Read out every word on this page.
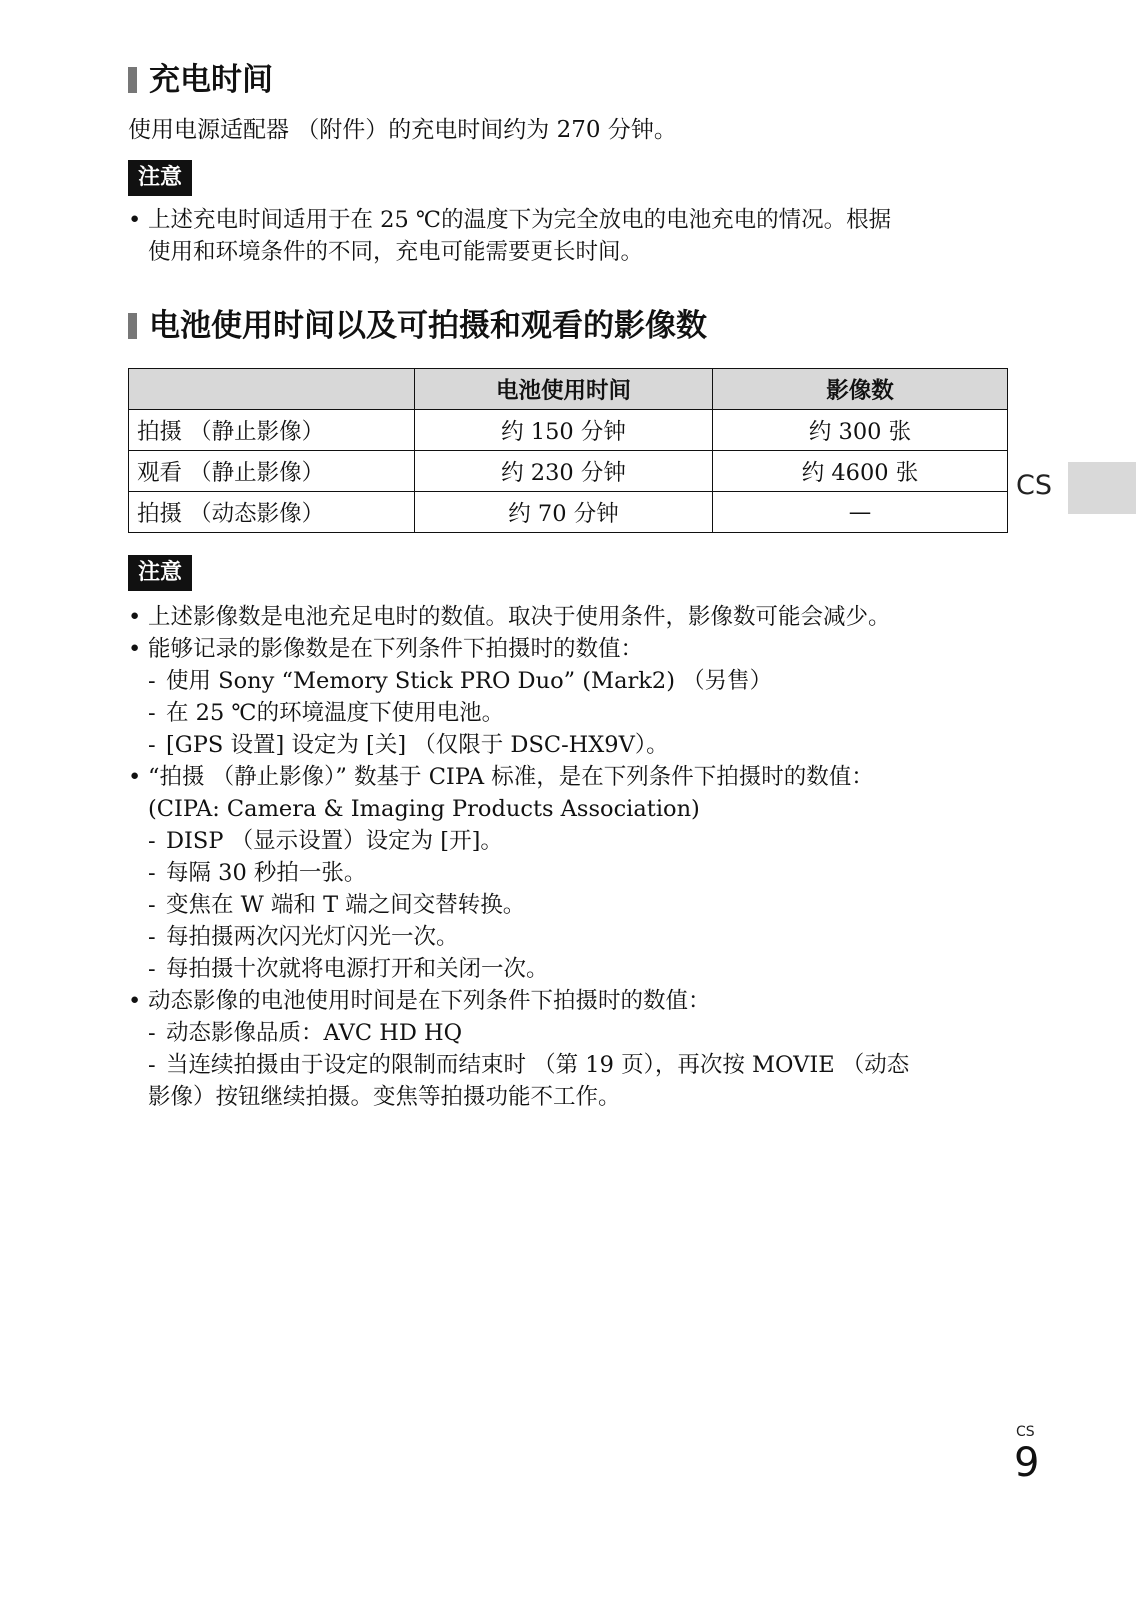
充电时间

使用电源适配器 （附件）的充电时间约为 270 分钟。

注意
• 上述充电时间适用于在 25 ℃的温度下为完全放电的电池充电的情况。根据
使用和环境条件的不同，充电可能需要更长时间。
电池使用时间以及可拍摄和观看的影像数
	电池使用时间	影像数
拍摄 （静止影像）	约 150 分钟	约 300 张
观看 （静止影像）	约 230 分钟	约 4600 张
拍摄 （动态影像）	约 70 分钟	—
注意
• 上述影像数是电池充足电时的数值。取决于使用条件，影像数可能会减少。
• 能够记录的影像数是在下列条件下拍摄时的数值：
- 使用 Sony “Memory Stick PRO Duo” (Mark2) （另售）
- 在 25 ℃的环境温度下使用电池。
- [GPS 设置] 设定为 [关] （仅限于 DSC-HX9V）。
• “拍摄 （静止影像）” 数基于 CIPA 标准，是在下列条件下拍摄时的数值：
(CIPA: Camera & Imaging Products Association)
- DISP （显示设置）设定为 [开]。
- 每隔 30 秒拍一张。
- 变焦在 W 端和 T 端之间交替转换。
- 每拍摄两次闪光灯闪光一次。
- 每拍摄十次就将电源打开和关闭一次。
• 动态影像的电池使用时间是在下列条件下拍摄时的数值：
- 动态影像品质：AVC HD HQ
- 当连续拍摄由于设定的限制而结束时 （第 19 页），再次按 MOVIE （动态
影像）按钮继续拍摄。变焦等拍摄功能不工作。
CS
CS
9
